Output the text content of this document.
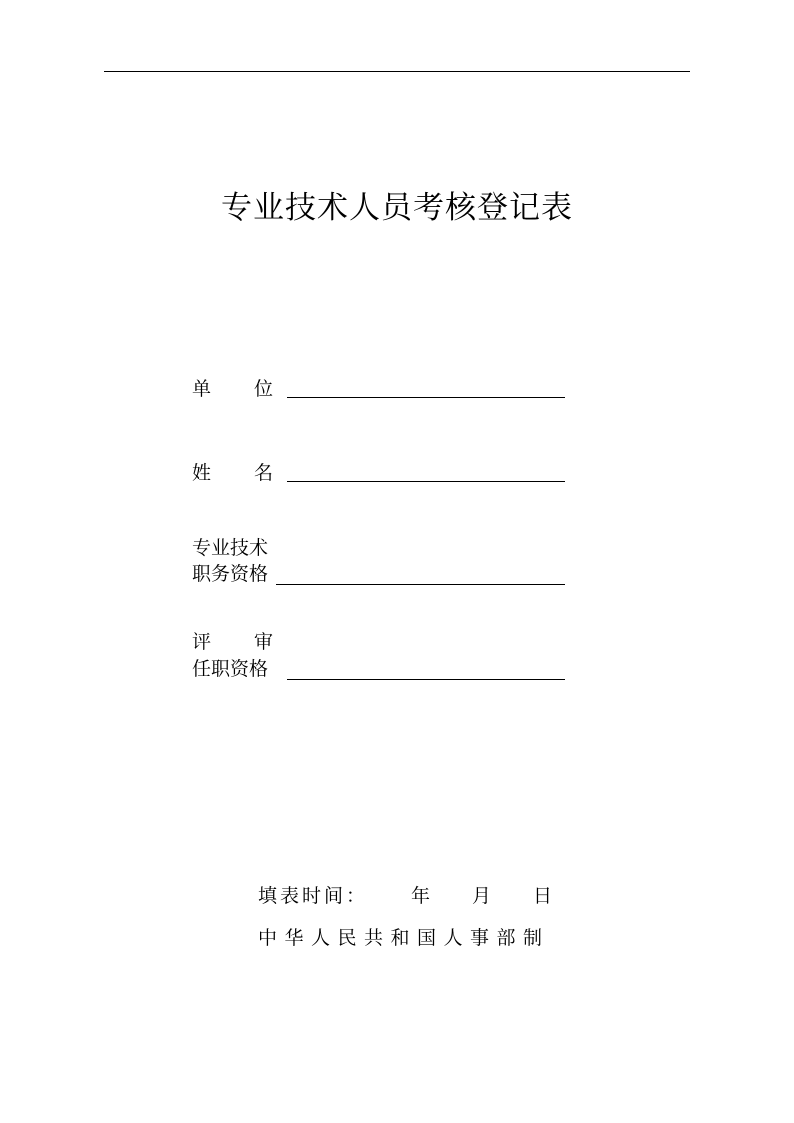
专业技术人员考核登记表
单位
姓名
专业技术
职务资格
评审
任职资格
填表时间： 年 月 日
中华人民共和国人事部制
